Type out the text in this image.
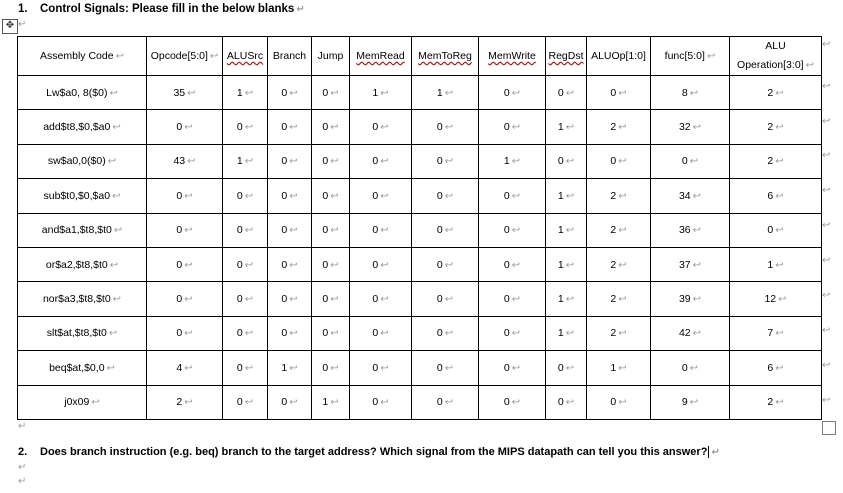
1. Control Signals: Please fill in the below blanks ↵
✥ ↵
Assembly Code ↩	Opcode[5:0] ↩	ALUSrc	Branch	Jump	MemRead	MemToReg	MemWrite	RegDst	ALUOp[1:0]	func[5:0] ↩	ALU Operation[3:0] ↩
Lw$a0, 8($0) ↩	35 ↩	1 ↩	0 ↩	0 ↩	1 ↩	1 ↩	0 ↩	0 ↩	0 ↩	8 ↩	2 ↩
add$t8,$0,$a0 ↩	0 ↩	0 ↩	0 ↩	0 ↩	0 ↩	0 ↩	0 ↩	1 ↩	2 ↩	32 ↩	2 ↩
sw$a0,0($0) ↩	43 ↩	1 ↩	0 ↩	0 ↩	0 ↩	0 ↩	1 ↩	0 ↩	0 ↩	0 ↩	2 ↩
sub$t0,$0,$a0 ↩	0 ↩	0 ↩	0 ↩	0 ↩	0 ↩	0 ↩	0 ↩	1 ↩	2 ↩	34 ↩	6 ↩
and$a1,$t8,$t0 ↩	0 ↩	0 ↩	0 ↩	0 ↩	0 ↩	0 ↩	0 ↩	1 ↩	2 ↩	36 ↩	0 ↩
or$a2,$t8,$t0 ↩	0 ↩	0 ↩	0 ↩	0 ↩	0 ↩	0 ↩	0 ↩	1 ↩	2 ↩	37 ↩	1 ↩
nor$a3,$t8,$t0 ↩	0 ↩	0 ↩	0 ↩	0 ↩	0 ↩	0 ↩	0 ↩	1 ↩	2 ↩	39 ↩	12 ↩
slt$at,$t8,$t0 ↩	0 ↩	0 ↩	0 ↩	0 ↩	0 ↩	0 ↩	0 ↩	1 ↩	2 ↩	42 ↩	7 ↩
beq$at,$0,0 ↩	4 ↩	0 ↩	1 ↩	0 ↩	0 ↩	0 ↩	0 ↩	0 ↩	1 ↩	0 ↩	6 ↩
j0x09 ↩	2 ↩	0 ↩	0 ↩	1 ↩	0 ↩	0 ↩	0 ↩	0 ↩	0 ↩	9 ↩	2 ↩
↩
↩
↩
↩
↩
↩
↩
↩
↩
↩
↩
↵
2. Does branch instruction (e.g. beq) branch to the target address? Which signal from the MIPS datapath can tell you this answer? ↵
↵
↵
